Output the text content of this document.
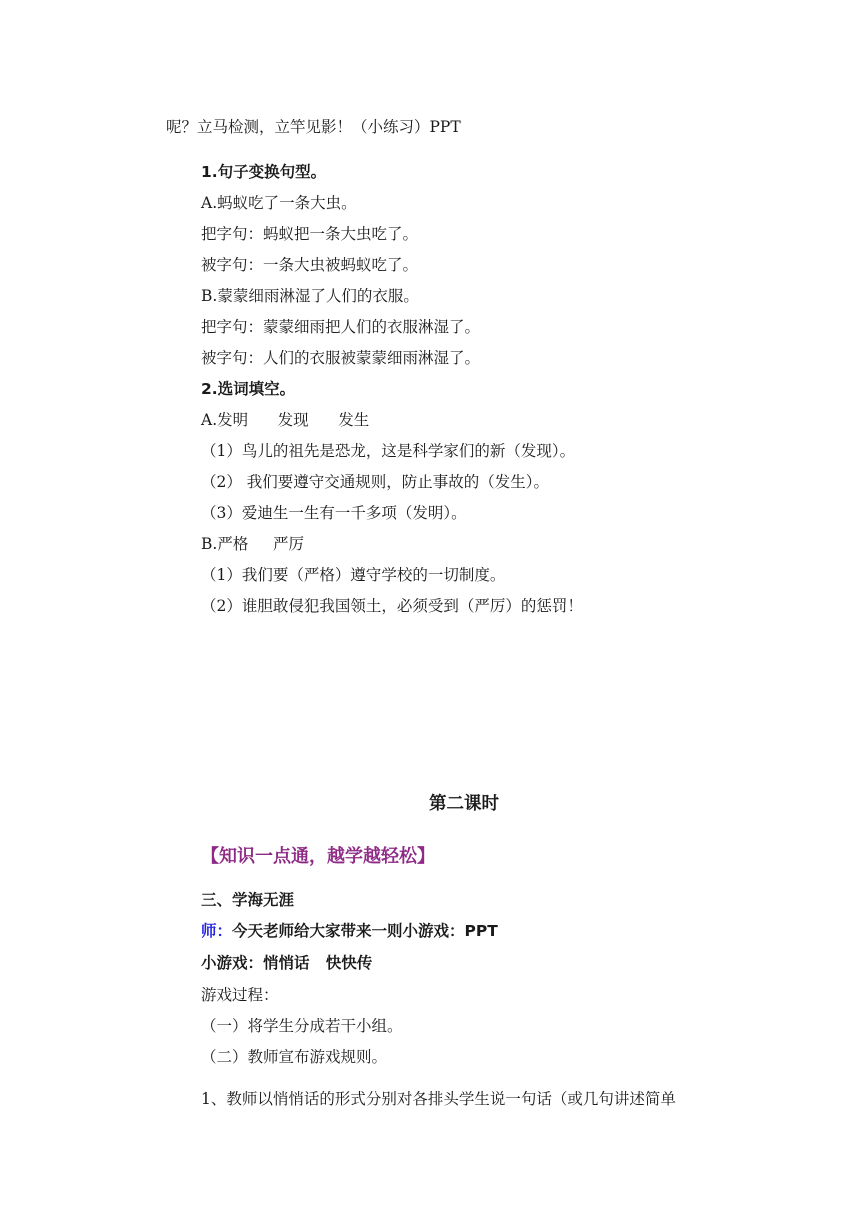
呢？立马检测，立竿见影！（小练习）PPT
1.句子变换句型。
A.蚂蚁吃了一条大虫。
把字句：蚂蚁把一条大虫吃了。
被字句：一条大虫被蚂蚁吃了。
B.蒙蒙细雨淋湿了人们的衣服。
把字句：蒙蒙细雨把人们的衣服淋湿了。
被字句：人们的衣服被蒙蒙细雨淋湿了。
2.选词填空。
A.发明      发现      发生
（1）鸟儿的祖先是恐龙，这是科学家们的新（发现）。
（2） 我们要遵守交通规则，防止事故的（发生）。
（3）爱迪生一生有一千多项（发明）。
B.严格     严厉
（1）我们要（严格）遵守学校的一切制度。
（2）谁胆敢侵犯我国领土，必须受到（严厉）的惩罚！
第二课时
【知识一点通，越学越轻松】
三、学海无涯
师：今天老师给大家带来一则小游戏：PPT
小游戏：悄悄话   快快传
游戏过程：
（一）将学生分成若干小组。
（二）教师宣布游戏规则。
1、教师以悄悄话的形式分别对各排头学生说一句话（或几句讲述简单
